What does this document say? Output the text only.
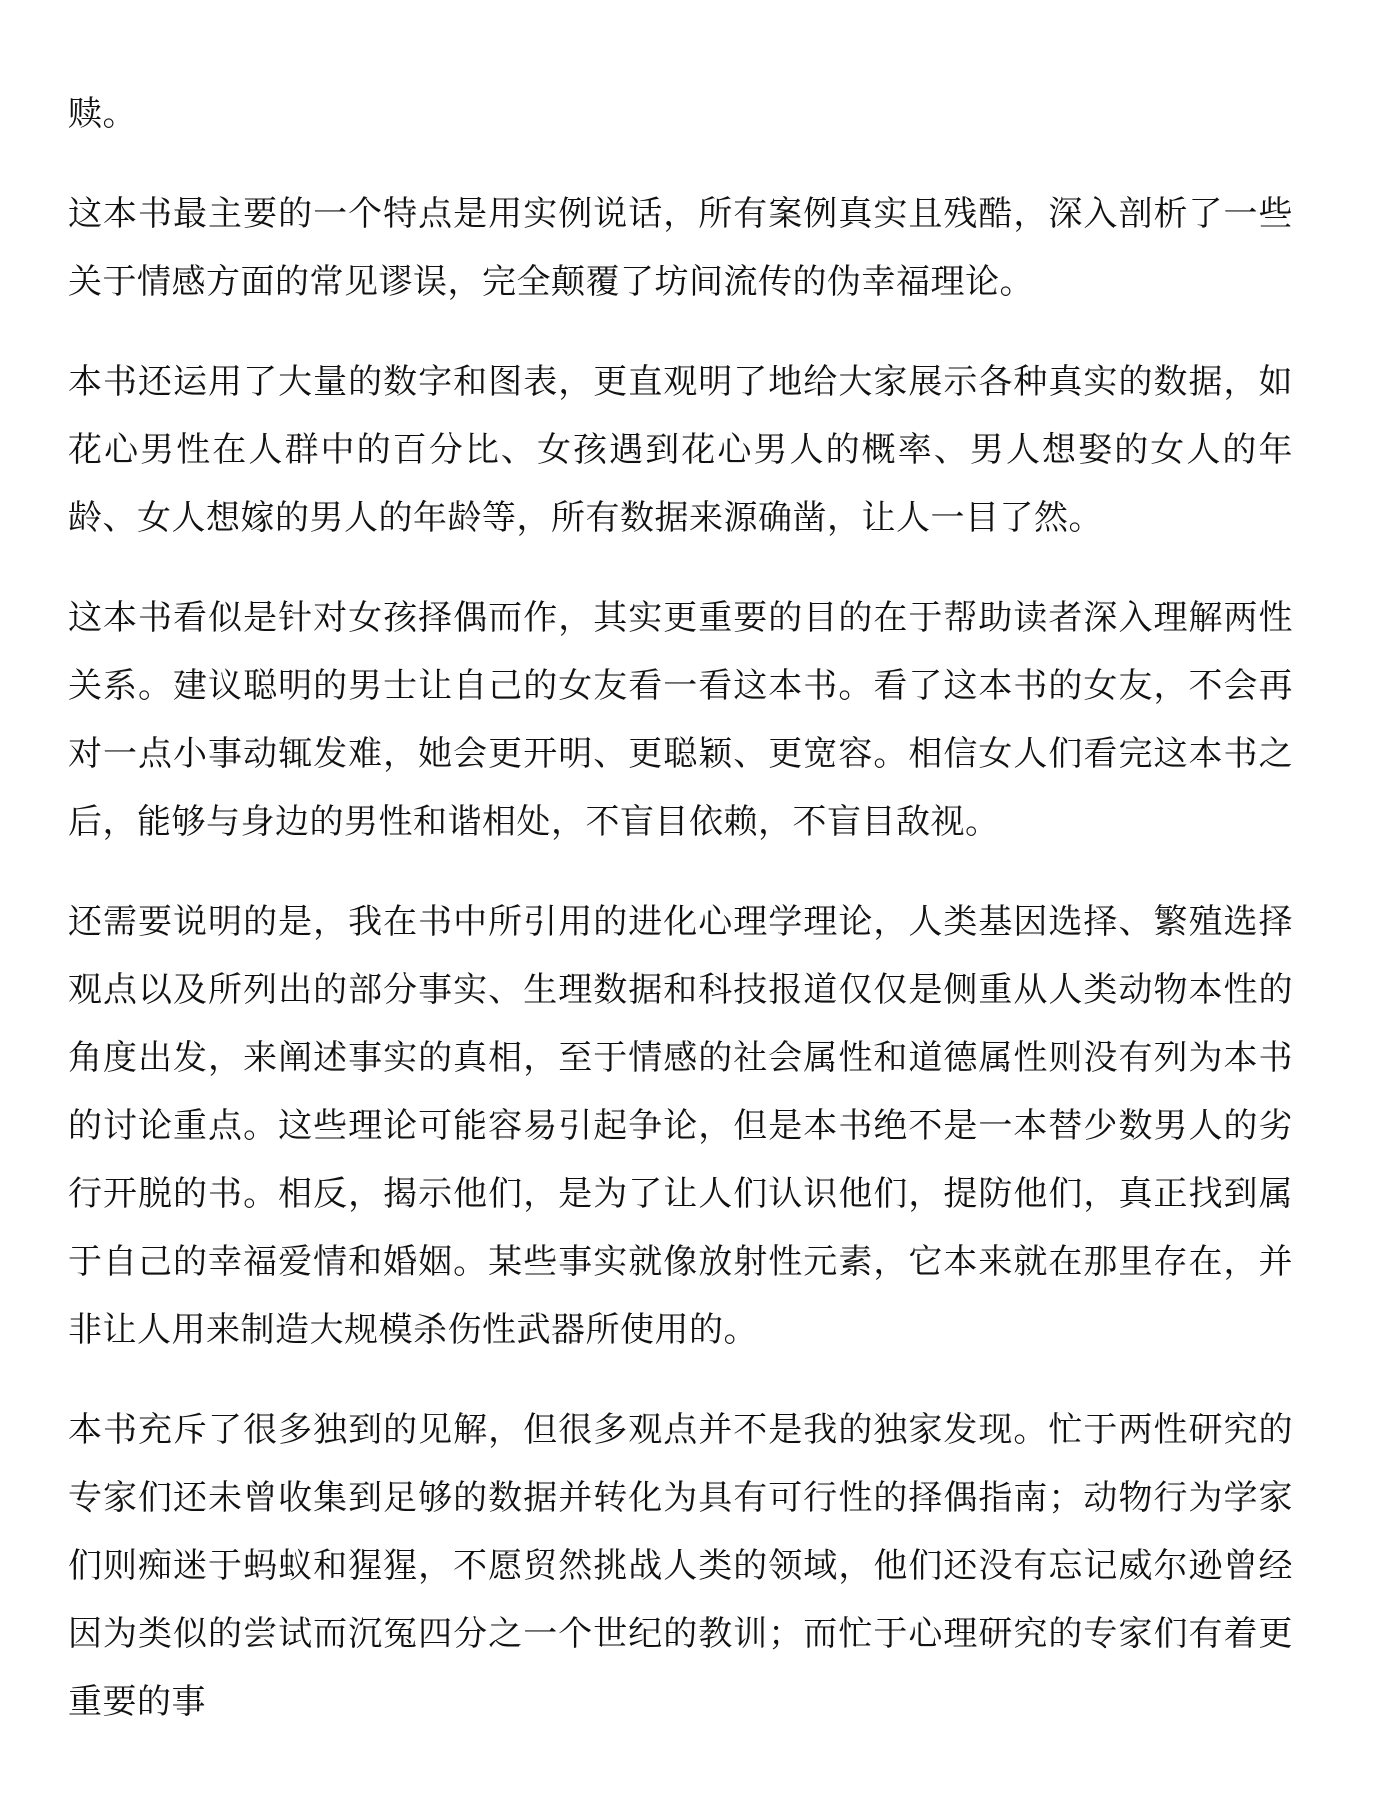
赎。

这本书最主要的一个特点是用实例说话，所有案例真实且残酷，深入剖析了一些关于情感方面的常见谬误，完全颠覆了坊间流传的伪幸福理论。

本书还运用了大量的数字和图表，更直观明了地给大家展示各种真实的数据，如花心男性在人群中的百分比、女孩遇到花心男人的概率、男人想娶的女人的年龄、女人想嫁的男人的年龄等，所有数据来源确凿，让人一目了然。

这本书看似是针对女孩择偶而作，其实更重要的目的在于帮助读者深入理解两性关系。建议聪明的男士让自己的女友看一看这本书。看了这本书的女友，不会再对一点小事动辄发难，她会更开明、更聪颖、更宽容。相信女人们看完这本书之后，能够与身边的男性和谐相处，不盲目依赖，不盲目敌视。

还需要说明的是，我在书中所引用的进化心理学理论，人类基因选择、繁殖选择观点以及所列出的部分事实、生理数据和科技报道仅仅是侧重从人类动物本性的角度出发，来阐述事实的真相，至于情感的社会属性和道德属性则没有列为本书的讨论重点。这些理论可能容易引起争论，但是本书绝不是一本替少数男人的劣行开脱的书。相反，揭示他们，是为了让人们认识他们，提防他们，真正找到属于自己的幸福爱情和婚姻。某些事实就像放射性元素，它本来就在那里存在，并非让人用来制造大规模杀伤性武器所使用的。

本书充斥了很多独到的见解，但很多观点并不是我的独家发现。忙于两性研究的专家们还未曾收集到足够的数据并转化为具有可行性的择偶指南；动物行为学家们则痴迷于蚂蚁和猩猩，不愿贸然挑战人类的领域，他们还没有忘记威尔逊曾经因为类似的尝试而沉冤四分之一个世纪的教训；而忙于心理研究的专家们有着更重要的事
